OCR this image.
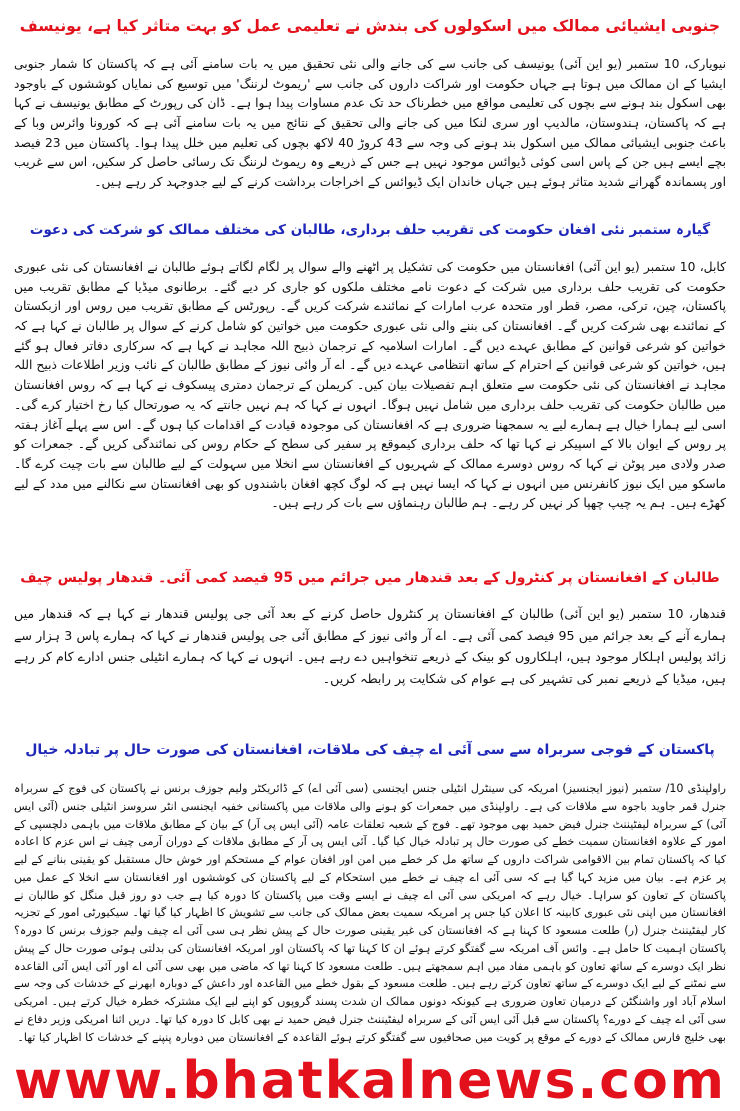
جنوبی ایشیائی ممالک میں اسکولوں کی بندش نے تعلیمی عمل کو بہت متاثر کیا ہے، یونیسف

نیویارک، 10 ستمبر (یو این آئی) یونیسف کی جانب سے کی جانے والی نئی تحقیق میں یہ بات سامنے آئی ہے کہ پاکستان کا شمار جنوبی ایشیا کے ان ممالک میں ہوتا ہے جہاں حکومت اور شراکت داروں کی جانب سے 'ریموٹ لرننگ' میں توسیع کی نمایاں کوششوں کے باوجود بھی اسکول بند ہونے سے بچوں کی تعلیمی مواقع میں خطرناک حد تک عدم مساوات پیدا ہوا ہے۔ ڈان کی رپورٹ کے مطابق یونیسف نے کہا ہے کہ پاکستان، ہندوستان، مالدیپ اور سری لنکا میں کی جانے والی تحقیق کے نتائج میں یہ بات سامنے آئی ہے کہ کورونا وائرس وبا کے باعث جنوبی ایشیائی ممالک میں اسکول بند ہونے کی وجہ سے 43 کروڑ 40 لاکھ بچوں کی تعلیم میں خلل پیدا ہوا۔ پاکستان میں 23 فیصد بچے ایسے ہیں جن کے پاس اسی کوئی ڈیوائس موجود نہیں ہے جس کے ذریعے وہ ریموٹ لرننگ تک رسائی حاصل کر سکیں، اس سے غریب اور پسماندہ گھرانے شدید متاثر ہوئے ہیں جہاں خاندان ایک ڈیوائس کے اخراجات برداشت کرنے کے لیے جدوجہد کر رہے ہیں۔

گیارہ ستمبر نئی افغان حکومت کی تقریب حلف برداری، طالبان کی مختلف ممالک کو شرکت کی دعوت

کابل، 10 ستمبر (یو این آئی) افغانستان میں حکومت کی تشکیل پر اٹھنے والے سوال پر لگام لگاتے ہوئے طالبان نے افغانستان کی نئی عبوری حکومت کی تقریب حلف برداری میں شرکت کے دعوت نامے مختلف ملکوں کو جاری کر دیے گئے۔ برطانوی میڈیا کے مطابق تقریب میں پاکستان، چین، ترکی، مصر، قطر اور متحدہ عرب امارات کے نمائندے شرکت کریں گے۔ رپورٹس کے مطابق تقریب میں روس اور ازبکستان کے نمائندے بھی شرکت کریں گے۔ افغانستان کی بننے والی نئی عبوری حکومت میں خواتین کو شامل کرنے کے سوال پر طالبان نے کہا ہے کہ خواتین کو شرعی قوانین کے مطابق عہدے دیں گے۔ امارات اسلامیہ کے ترجمان ذبیح اللہ مجاہد نے کہا ہے کہ سرکاری دفاتر فعال ہو گئے ہیں، خواتین کو شرعی قوانین کے احترام کے ساتھ انتظامی عہدے دیں گے۔ اے آر وائی نیوز کے مطابق طالبان کے نائب وزیر اطلاعات ذبیح اللہ مجاہد نے افغانستان کی نئی حکومت سے متعلق اہم تفصیلات بیان کیں۔ کریملن کے ترجمان دمتری پیسکوف نے کہا ہے کہ روس افغانستان میں طالبان حکومت کی تقریب حلف برداری میں شامل نہیں ہوگا۔ انہوں نے کہا کہ ہم نہیں جانتے کہ یہ صورتحال کیا رخ اختیار کرے گی۔ اسی لیے ہمارا خیال ہے ہمارے لیے یہ سمجھنا ضروری ہے کہ افغانستان کی موجودہ قیادت کے اقدامات کیا ہوں گے۔ اس سے پہلے آغاز ہفتہ پر روس کے ایوان بالا کے اسپیکر نے کہا تھا کہ حلف برداری کیموقع پر سفیر کی سطح کے حکام روس کی نمائندگی کریں گے۔ جمعرات کو صدر ولادی میر پوٹن نے کہا کہ روس دوسرے ممالک کے شہریوں کے افغانستان سے انخلا میں سہولت کے لیے طالبان سے بات چیت کرے گا۔ ماسکو میں ایک نیوز کانفرنس میں انہوں نے کہا کہ ایسا نہیں ہے کہ لوگ کچھ افغان باشندوں کو بھی افغانستان سے نکالنے میں مدد کے لیے کھڑے ہیں۔ ہم یہ چیپ چھپا کر نہیں کر رہے۔ ہم طالبان رہنماؤں سے بات کر رہے ہیں۔

طالبان کے افغانستان پر کنٹرول کے بعد قندھار میں جرائم میں 95 فیصد کمی آئی۔ قندھار پولیس چیف

قندھار، 10 ستمبر (یو این آئی) طالبان کے افغانستان پر کنٹرول حاصل کرنے کے بعد آئی جی پولیس قندھار نے کہا ہے کہ قندھار میں ہمارے آنے کے بعد جرائم میں 95 فیصد کمی آئی ہے۔ اے آر وائی نیوز کے مطابق آئی جی پولیس قندھار نے کہا کہ ہمارے پاس 3 ہزار سے زائد پولیس اہلکار موجود ہیں، اہلکاروں کو بینک کے ذریعے تنخواہیں دے رہے ہیں۔ انہوں نے کہا کہ ہمارے انٹیلی جنس ادارے کام کر رہے ہیں، میڈیا کے ذریعے نمبر کی تشہیر کی ہے عوام کی شکایت پر رابطہ کریں۔

پاکستان کے فوجی سربراہ سے سی آئی اے چیف کی ملاقات، افغانستان کی صورت حال پر تبادلہ خیال

راولپنڈی 10/ ستمبر (نیوز ایجنسیز) امریکہ کی سینٹرل انٹیلی جنس ایجنسی (سی آئی اے) کے ڈائریکٹر ولیم جوزف برنس نے پاکستان کی فوج کے سربراہ جنرل قمر جاوید باجوہ سے ملاقات کی ہے۔ راولپنڈی میں جمعرات کو ہونے والی ملاقات میں پاکستانی خفیہ ایجنسی انٹر سروسز انٹیلی جنس (آئی ایس آئی) کے سربراہ لیفٹیننٹ جنرل فیض حمید بھی موجود تھے۔ فوج کے شعبہ تعلقات عامہ (آئی ایس پی آر) کے بیان کے مطابق ملاقات میں باہمی دلچسپی کے امور کے علاوہ افغانستان سمیت خطے کی صورت حال پر تبادلہ خیال کیا گیا۔ آئی ایس پی آر کے مطابق ملاقات کے دوران آرمی چیف نے اس عزم کا اعادہ کیا کہ پاکستان تمام بین الاقوامی شراکت داروں کے ساتھ مل کر خطے میں امن اور افغان عوام کے مستحکم اور خوش حال مستقبل کو یقینی بنانے کے لیے پر عزم ہے۔ بیان میں مزید کہا گیا ہے کہ سی آئی اے چیف نے خطے میں استحکام کے لیے پاکستان کی کوششوں اور افغانستان سے انخلا کے عمل میں پاکستان کے تعاون کو سراہا۔ خیال رہے کہ امریکی سی آئی اے چیف نے ایسے وقت میں پاکستان کا دورہ کیا ہے جب دو روز قبل منگل کو طالبان نے افغانستان میں اپنی نئی عبوری کابینہ کا اعلان کیا جس پر امریکہ سمیت بعض ممالک کی جانب سے تشویش کا اظہار کیا گیا تھا۔ سیکیورٹی امور کے تجزیہ کار لیفٹیننٹ جنرل (ر) طلعت مسعود کا کہنا ہے کہ افغانستان کی غیر یقینی صورت حال کے پیش نظر ہی سی آئی اے چیف ولیم جوزف برنس کا دورہ؟ پاکستان اہمیت کا حامل ہے۔ وائس آف امریکہ سے گفتگو کرتے ہوئے ان کا کہنا تھا کہ پاکستان اور امریکہ افغانستان کی بدلتی ہوئی صورت حال کے پیش نظر ایک دوسرے کے ساتھ تعاون کو باہمی مفاد میں اہم سمجھتے ہیں۔ طلعت مسعود کا کہنا تھا کہ ماضی میں بھی سی آئی اے اور آئی ایس آئی القاعدہ سے نمٹنے کے لیے ایک دوسرے کے ساتھ تعاون کرتے رہے ہیں۔ طلعت مسعود کے بقول خطے میں القاعدہ اور داعش کے دوبارہ ابھرنے کے خدشات کی وجہ سے اسلام آباد اور واشنگٹن کے درمیان تعاون ضروری ہے کیونکہ دونوں ممالک ان شدت پسند گروپوں کو اپنے لیے ایک مشترکہ خطرہ خیال کرتے ہیں۔ امریکی سی آئی اے چیف کے دورے؟ پاکستان سے قبل آئی ایس آئی کے سربراہ لیفٹیننٹ جنرل فیض حمید نے بھی کابل کا دورہ کیا تھا۔ دریں اثنا امریکی وزیر دفاع نے بھی خلیج فارس ممالک کے دورے کے موقع پر کویت میں صحافیوں سے گفتگو کرتے ہوئے القاعدہ کے افغانستان میں دوبارہ پنپنے کے خدشات کا اظہار کیا تھا۔

www.bhatkalnews.com
